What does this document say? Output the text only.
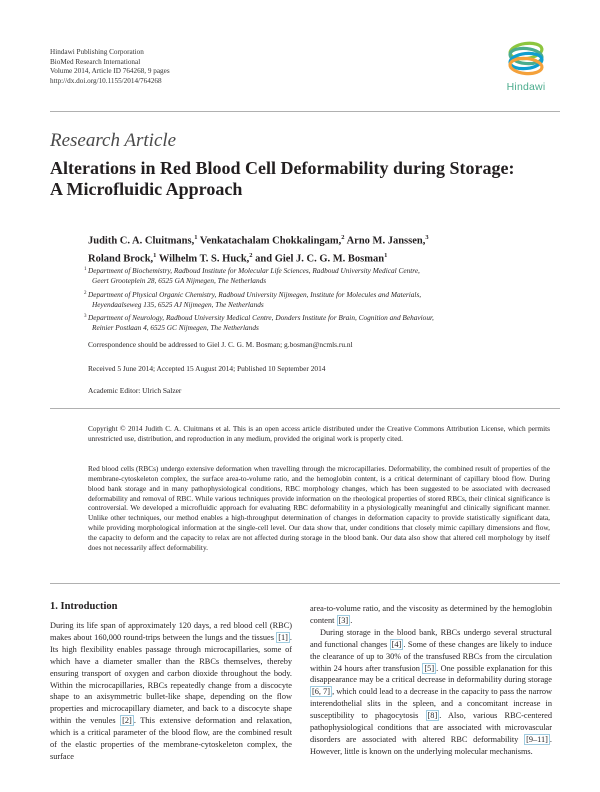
Hindawi Publishing Corporation
BioMed Research International
Volume 2014, Article ID 764268, 9 pages
http://dx.doi.org/10.1155/2014/764268
Hindawi
Research Article
Alterations in Red Blood Cell Deformability during Storage:
A Microfluidic Approach
Judith C. A. Cluitmans,$^1$ Venkatachalam Chokkalingam,$^2$ Arno M. Janssen,$^3$
Roland Brock,$^1$ Wilhelm T. S. Huck,$^2$ and Giel J. C. G. M. Bosman$^1$
1 Department of Biochemistry, Radboud Institute for Molecular Life Sciences, Radboud University Medical Centre,
Geert Grooteplein 28, 6525 GA Nijmegen, The Netherlands
2 Department of Physical Organic Chemistry, Radboud University Nijmegen, Institute for Molecules and Materials,
Heyendaalseweg 135, 6525 AJ Nijmegen, The Netherlands
3 Department of Neurology, Radboud University Medical Centre, Donders Institute for Brain, Cognition and Behaviour,
Reinier Postlaan 4, 6525 GC Nijmegen, The Netherlands
Correspondence should be addressed to Giel J. C. G. M. Bosman; g.bosman@ncmls.ru.nl
Received 5 June 2014; Accepted 15 August 2014; Published 10 September 2014
Academic Editor: Ulrich Salzer
Copyright © 2014 Judith C. A. Cluitmans et al. This is an open access article distributed under the Creative Commons Attribution License, which permits unrestricted use, distribution, and reproduction in any medium, provided the original work is properly cited.
Red blood cells (RBCs) undergo extensive deformation when travelling through the microcapillaries. Deformability, the combined result of properties of the membrane-cytoskeleton complex, the surface area-to-volume ratio, and the hemoglobin content, is a critical determinant of capillary blood flow. During blood bank storage and in many pathophysiological conditions, RBC morphology changes, which has been suggested to be associated with decreased deformability and removal of RBC. While various techniques provide information on the rheological properties of stored RBCs, their clinical significance is controversial. We developed a microfluidic approach for evaluating RBC deformability in a physiologically meaningful and clinically significant manner. Unlike other techniques, our method enables a high-throughput determination of changes in deformation capacity to provide statistically significant data, while providing morphological information at the single-cell level. Our data show that, under conditions that closely mimic capillary dimensions and flow, the capacity to deform and the capacity to relax are not affected during storage in the blood bank. Our data also show that altered cell morphology by itself does not necessarily affect deformability.
1. Introduction

During its life span of approximately 120 days, a red blood cell (RBC) makes about 160,000 round-trips between the lungs and the tissues [1] . Its high flexibility enables passage through microcapillaries, some of which have a diameter smaller than the RBCs themselves, thereby ensuring transport of oxygen and carbon dioxide throughout the body. Within the microcapillaries, RBCs repeatedly change from a discocyte shape to an axisymmetric bullet-like shape, depending on the flow properties and microcapillary diameter, and back to a discocyte shape within the venules [2] . This extensive deformation and relaxation, which is a critical parameter of the blood flow, are the combined result of the elastic properties of the membrane-cytoskeleton complex, the surface

area-to-volume ratio, and the viscosity as determined by the hemoglobin content [3] .

During storage in the blood bank, RBCs undergo several structural and functional changes [4] . Some of these changes are likely to induce the clearance of up to 30% of the transfused RBCs from the circulation within 24 hours after transfusion [5] . One possible explanation for this disappearance may be a critical decrease in deformability during storage [6, 7] , which could lead to a decrease in the capacity to pass the narrow interendothelial slits in the spleen, and a concomitant increase in susceptibility to phagocytosis [8] . Also, various RBC-centered pathophysiological conditions that are associated with microvascular disorders are associated with altered RBC deformability [9–11] . However, little is known on the underlying molecular mechanisms.
